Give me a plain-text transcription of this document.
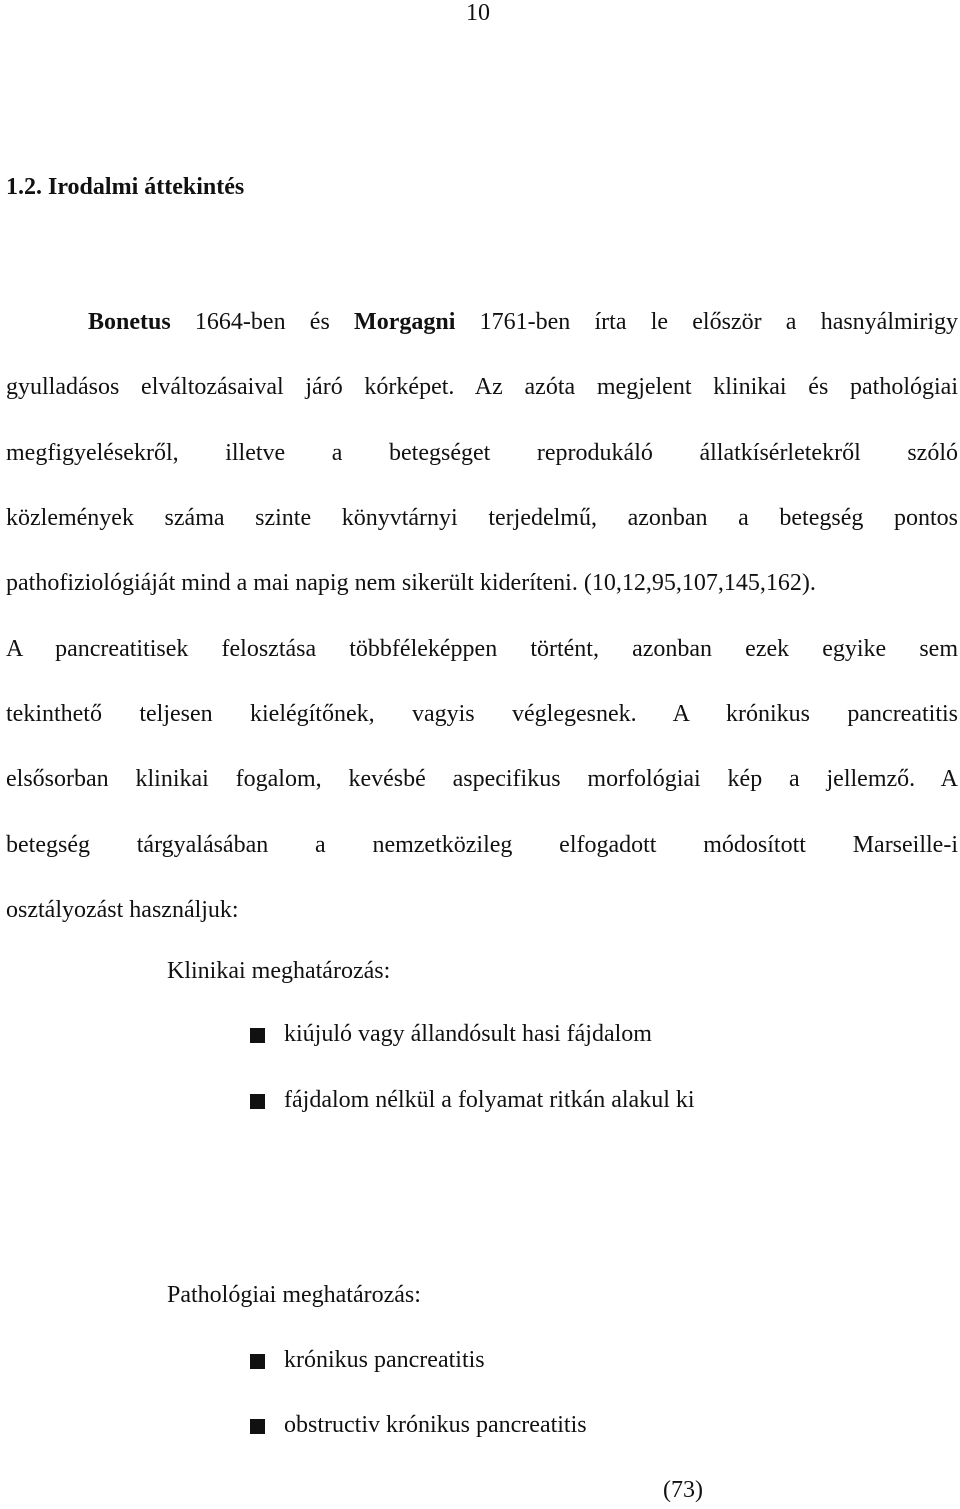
10
1.2. Irodalmi áttekintés
Bonetus 1664-ben és Morgagni 1761-ben írta le először a hasnyálmirigy
gyulladásos elváltozásaival járó kórképet. Az azóta megjelent klinikai és pathológiai
megfigyelésekről, illetve a betegséget reprodukáló állatkísérletekről szóló
közlemények száma szinte könyvtárnyi terjedelmű, azonban a betegség pontos
pathofiziológiáját mind a mai napig nem sikerült kideríteni. (10,12,95,107,145,162).
A pancreatitisek felosztása többféleképpen történt, azonban ezek egyike sem
tekinthető teljesen kielégítőnek, vagyis véglegesnek. A krónikus pancreatitis
elsősorban klinikai fogalom, kevésbé aspecifikus morfológiai kép a jellemző. A
betegség tárgyalásában a nemzetközileg elfogadott módosított Marseille-i
osztályozást használjuk:
Klinikai meghatározás:
kiújuló vagy állandósult hasi fájdalom
fájdalom nélkül a folyamat ritkán alakul ki
Pathológiai meghatározás:
krónikus pancreatitis
obstructiv krónikus pancreatitis
(73)
